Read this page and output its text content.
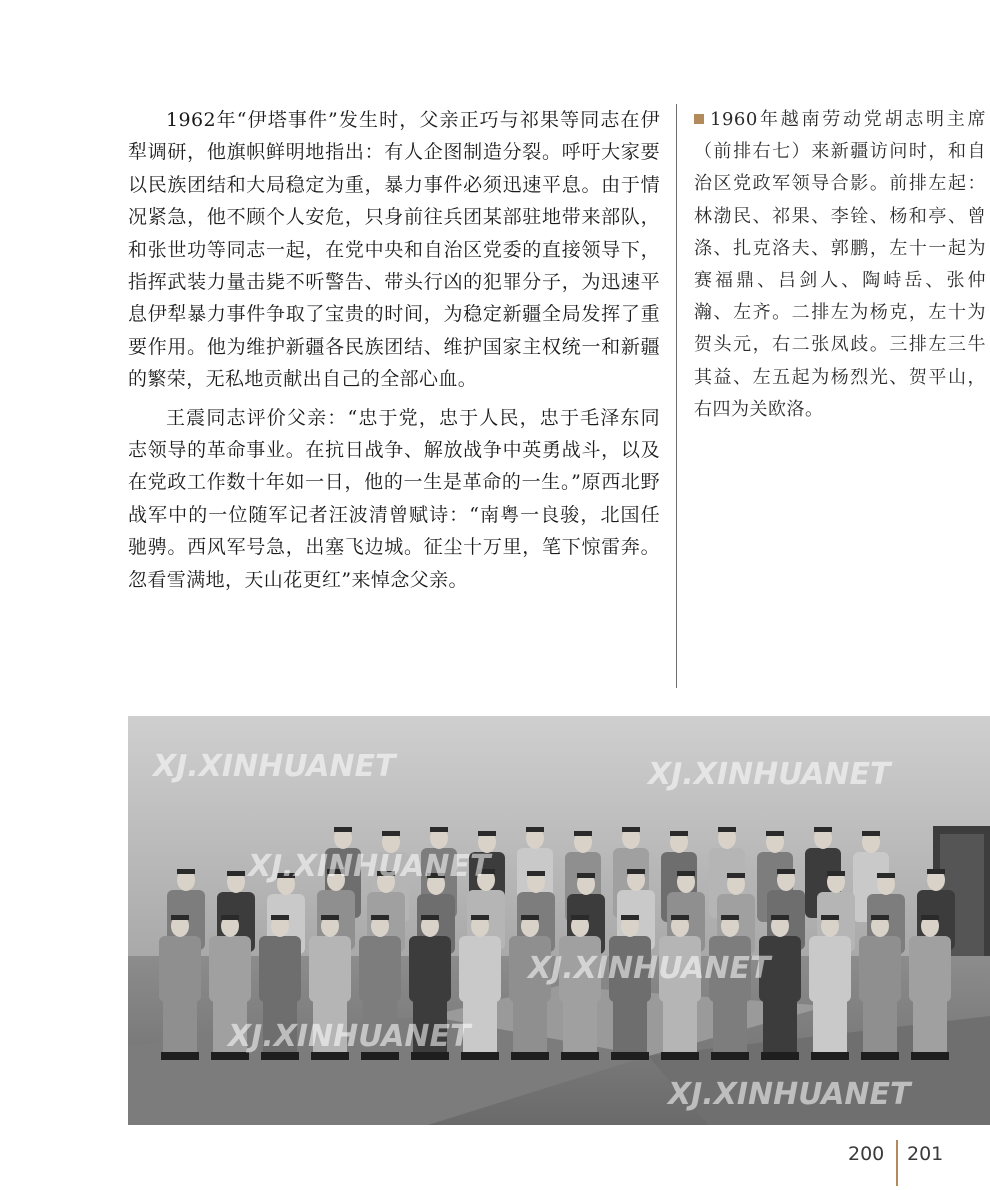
1962年“伊塔事件”发生时，父亲正巧与祁果等同志在伊犁调研，他旗帜鲜明地指出：有人企图制造分裂。呼吁大家要以民族团结和大局稳定为重，暴力事件必须迅速平息。由于情况紧急，他不顾个人安危，只身前往兵团某部驻地带来部队，和张世功等同志一起，在党中央和自治区党委的直接领导下，指挥武装力量击毙不听警告、带头行凶的犯罪分子，为迅速平息伊犁暴力事件争取了宝贵的时间，为稳定新疆全局发挥了重要作用。他为维护新疆各民族团结、维护国家主权统一和新疆的繁荣，无私地贡献出自己的全部心血。

王震同志评价父亲：“忠于党，忠于人民，忠于毛泽东同志领导的革命事业。在抗日战争、解放战争中英勇战斗，以及在党政工作数十年如一日，他的一生是革命的一生。”原西北野战军中的一位随军记者汪波清曾赋诗：“南粤一良骏，北国任驰骋。西风军号急，出塞飞边城。征尘十万里，笔下惊雷奔。忽看雪满地，天山花更红”来悼念父亲。

1960年越南劳动党胡志明主席（前排右七）来新疆访问时，和自治区党政军领导合影。前排左起：林渤民、祁果、李铨、杨和亭、曾涤、扎克洛夫、郭鹏，左十一起为赛福鼎、吕剑人、陶峙岳、张仲瀚、左齐。二排左为杨克，左十为贺头元，右二张凤歧。三排左三牛其益、左五起为杨烈光、贺平山，右四为关欧洛。
XJ.XINHUANET	XJ.XINHUANET
XJ.XINHUANET
XJ.XINHUANET
XJ.XINHUANET
XJ.XINHUANET
200 201
